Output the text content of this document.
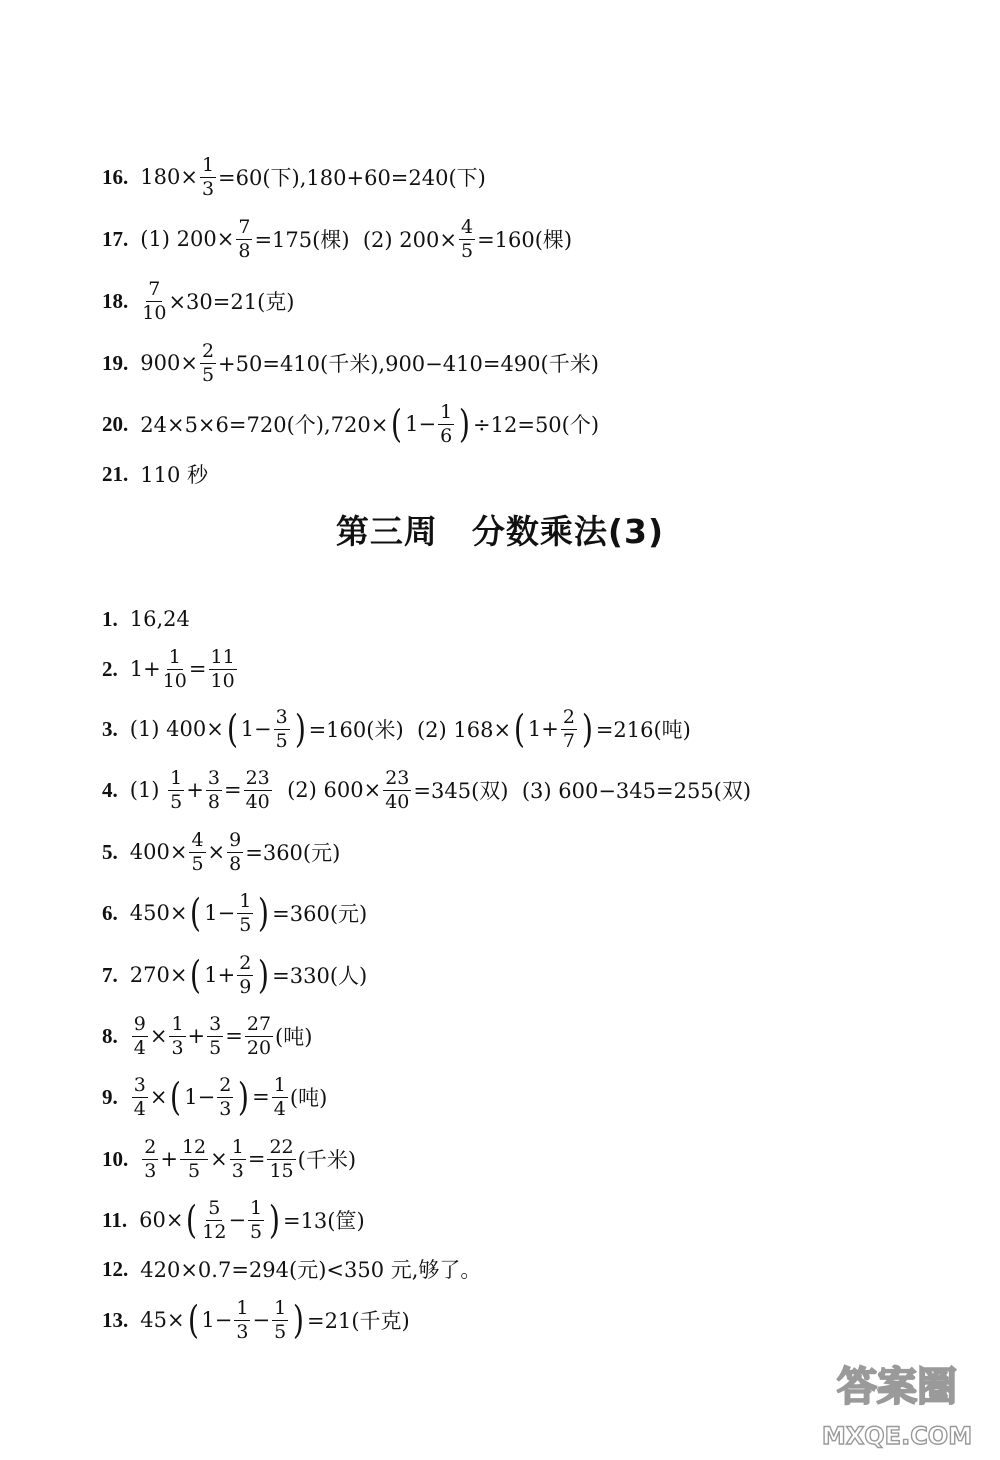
16. $180\times \frac{1}{3} =60$(下),180+60=240(下)
17. (1) $200\times \frac{7}{8} =175$(棵)  (2) $200\times \frac{4}{5} =160$(棵)
18. $\frac{7}{10} \times 30=21$(克)
19. $900\times \frac{2}{5} +50=410$(千米),900−410=490(千米)
20. 24×5×6=720(个),720× ( $1- \frac{1}{6}$ ) ÷12=50(个)
21. 110 秒
第三周 分数乘法(3)
1. 16,24
2. $1+ \frac{1}{10} = \frac{11}{10}$
3. (1) 400× ( $1- \frac{3}{5}$ ) =160(米)  (2) 168× ( $1+ \frac{2}{7}$ ) =216(吨)
4. $(1) \frac{1}{5} + \frac{3}{8} = \frac{23}{40} (2)$ $600\times \frac{23}{40} =345$(双)  (3) 600−345=255(双)
5. $400\times \frac{4}{5} \times \frac{9}{8} =360$(元)
6. 450× ( $1- \frac{1}{5}$ ) =360(元)
7. 270× ( $1+ \frac{2}{9}$ ) =330(人)
8. $\frac{9}{4} \times \frac{1}{3} + \frac{3}{5} = \frac{27}{20}$ (吨)
9. $\frac{3}{4}$ × ( $1- \frac{2}{3}$ ) = $\frac{1}{4}$ (吨)
10. $\frac{2}{3} + \frac{12}{5} \times \frac{1}{3} = \frac{22}{15}$ (千米)
11. 60× ( $\frac{5}{12} - \frac{1}{5}$ ) =13(筐)
12. 420×0.7=294(元)<350 元,够了。
13. 45× ( $1- \frac{1}{3} - \frac{1}{5}$ ) =21(千克)
答案圈
MXQE.COM
